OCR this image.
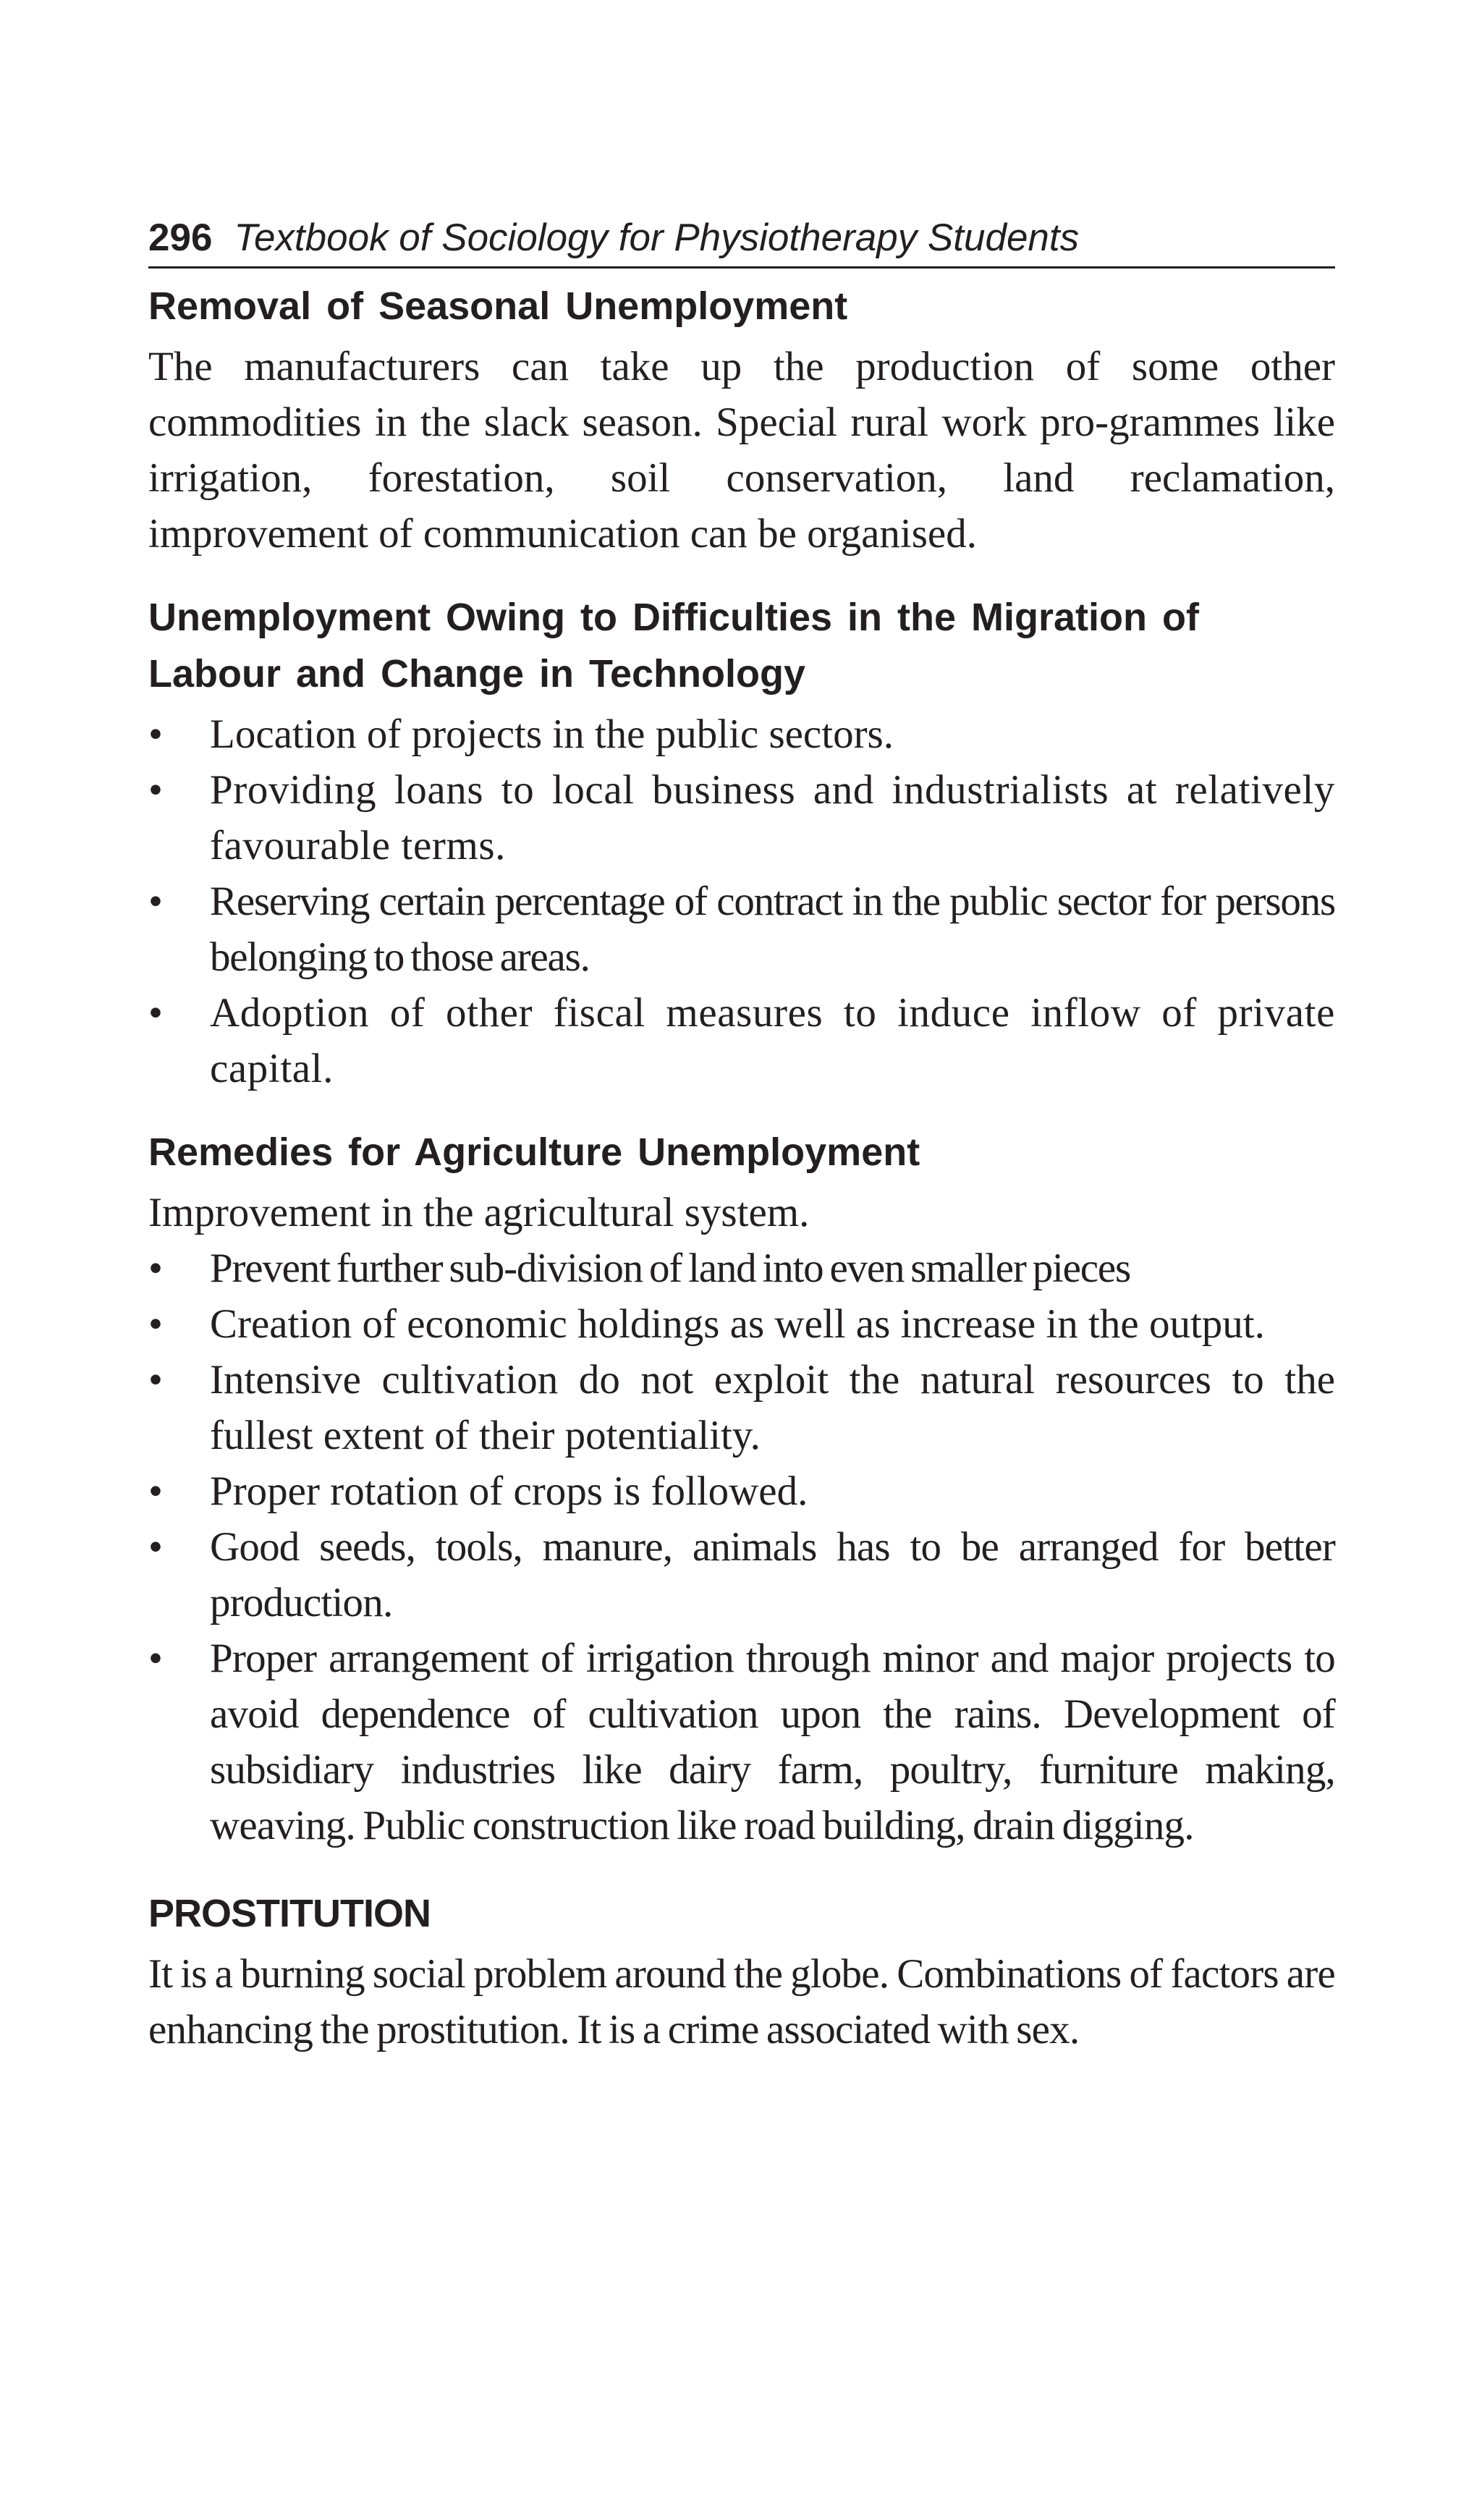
296 Textbook of Sociology for Physiotherapy Students
Removal of Seasonal Unemployment

The manufacturers can take up the production of some other commodities in the slack season. Special rural work pro-grammes like irrigation, forestation, soil conservation, land reclamation, improvement of communication can be organised.

Unemployment Owing to Difficulties in the Migration of Labour and Change in Technology
• Location of projects in the public sectors.
• Providing loans to local business and industrialists at relatively favourable terms.
• Reserving certain percentage of contract in the public sector for persons belonging to those areas.
• Adoption of other fiscal measures to induce inflow of private capital.
Remedies for Agriculture Unemployment

Improvement in the agricultural system.

• Prevent further sub-division of land into even smaller pieces
• Creation of economic holdings as well as increase in the output.
• Intensive cultivation do not exploit the natural resources to the fullest extent of their potentiality.
• Proper rotation of crops is followed.
• Good seeds, tools, manure, animals has to be arranged for better production.
• Proper arrangement of irrigation through minor and major projects to avoid dependence of cultivation upon the rains. Development of subsidiary industries like dairy farm, poultry, furniture making, weaving. Public construction like road building, drain digging.
PROSTITUTION

It is a burning social problem around the globe. Combinations of factors are enhancing the prostitution. It is a crime associated with sex.
